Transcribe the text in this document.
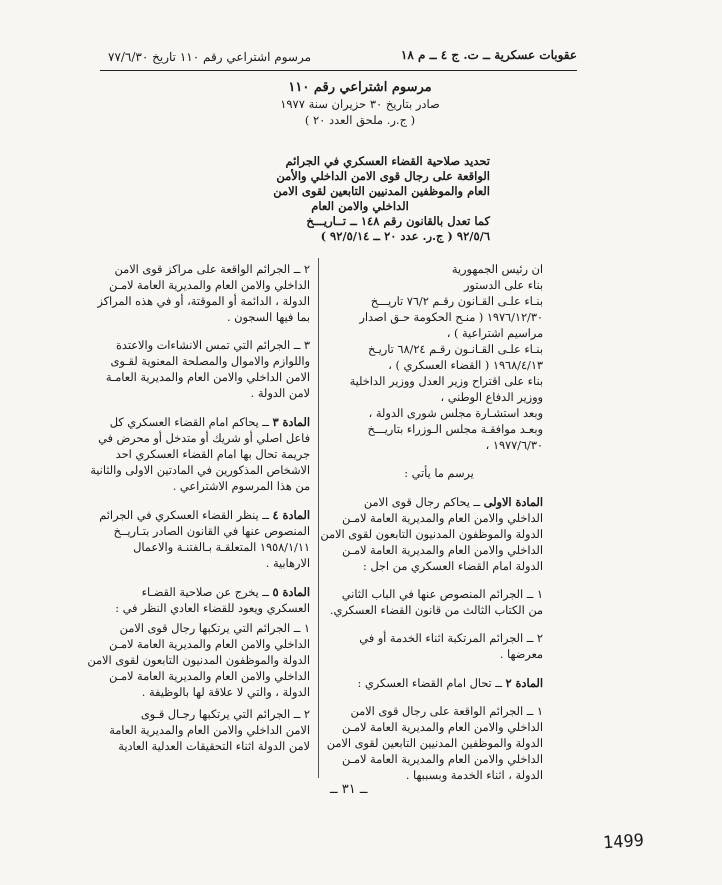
عقوبات عسكرية ــ ت. ج ٤ ــ م ١٨
مرسوم اشتراعي رقم ١١٠ تاريخ ٧٧/٦/٣٠
مرسوم اشتراعي رقم ١١٠
صادر بتاريخ ٣٠ حزيران سنة ١٩٧٧
( ج.ر. ملحق العدد ٢٠ )
تحديد صلاحية القضاء العسكري في الجرائم
الواقعة على رجال قوى الامن الداخلي والأمن
العام والموظفين المدنيين التابعين لقوى الامن
الداخلي والامن العام
كما تعدل بالقانون رقم ١٤٨ ــ تــاريـــخ
٩٢/٥/٦ ( ج.ر. عدد ٢٠ ــ ٩٢/٥/١٤ )

ان رئيس الجمهورية
بناء على الدستور
بنـاء علـى القـانون رقـم ٧٦/٢ تاريـــخ
١٩٧٦/١٢/٣٠ ( منـح الحكومة حـق اصدار
مراسيم اشتراعية ) ،
بنـاء علـى القـانـون رقـم ٦٨/٢٤ تاريـخ
١٩٦٨/٤/١٣ ( القضاء العسكري ) ،
بناء على اقتراح وزير العدل ووزير الداخلية
ووزير الدفاع الوطني ،
وبعد استشـارة مجلس شورى الدولة ،
وبعـد موافقـة مجلس الـوزراء بتاريـــخ
١٩٧٧/٦/٣٠ ،

يرسم ما يأتي :

المادة الاولى ــ يحاكم رجال قوى الامن
الداخلي والامن العام والمديرية العامة لامـن
الدولة والموظفون المدنيون التابعون لقوى الامن
الداخلي والامن العام والمديرية العامة لامـن
الدولة امام القضاء العسكري من اجل :

١ ــ الجرائم المنصوص عنها في الباب الثاني
من الكتاب الثالث من قانون القضاء العسكري.

٢ ــ الجرائم المرتكبة اثناء الخدمة أو في
معرضها .

المادة ٢ ــ تحال امام القضاء العسكري :

١ ــ الجرائم الواقعة على رجال قوى الامن
الداخلي والامن العام والمديرية العامة لامـن
الدولة والموظفين المدنيين التابعين لقوى الامن
الداخلي والامن العام والمديرية العامة لامـن
الدولة ، اثناء الخدمة وبسببها .

٢ ــ الجرائم الواقعة على مراكز قوى الامن
الداخلي والامن العام والمديرية العامة لامـن
الدولة ، الدائمة أو الموقتة، أو في هذه المراكز
بما فيها السجون .

٣ ــ الجرائم التي تمس الانشاءات والاعتدة
واللوازم والاموال والمصلحة المعنوية لقـوى
الامن الداخلي والامن العام والمديرية العامـة
لامن الدولة .

المادة ٣ ــ يحاكم امام القضاء العسكري كل
فاعل اصلي أو شريك أو متدخل أو محرض في
جريمة تحال بها امام القضاء العسكري احد
الاشخاص المذكورين في المادتين الاولى والثانية
من هذا المرسوم الاشتراعي .

المادة ٤ ــ ينظر القضاء العسكري في الجرائم
المنصوص عنها في القانون الصادر بتـاريــخ
١٩٥٨/١/١١ المتعلقـة بـالفتنـة والاعمال
الارهابية .

المادة ٥ ــ يخرج عن صلاحية القضـاء
العسكري ويعود للقضاء العادي النظر في :

١ ــ الجرائم التي يرتكبها رجال قوى الامن
الداخلي والامن العام والمديرية العامة لامـن
الدولة والموظفون المدنيون التابعون لقوى الامن
الداخلي والامن العام والمديرية العامة لامـن
الدولة ، والتي لا علاقة لها بالوظيفة .

٢ ــ الجرائم التي يرتكبها رجـال قـوى
الامن الداخلي والامن العام والمديرية العامة
لامن الدولة اثناء التحقيقات العدلية العادية

ــ ٣١ ــ
1499
